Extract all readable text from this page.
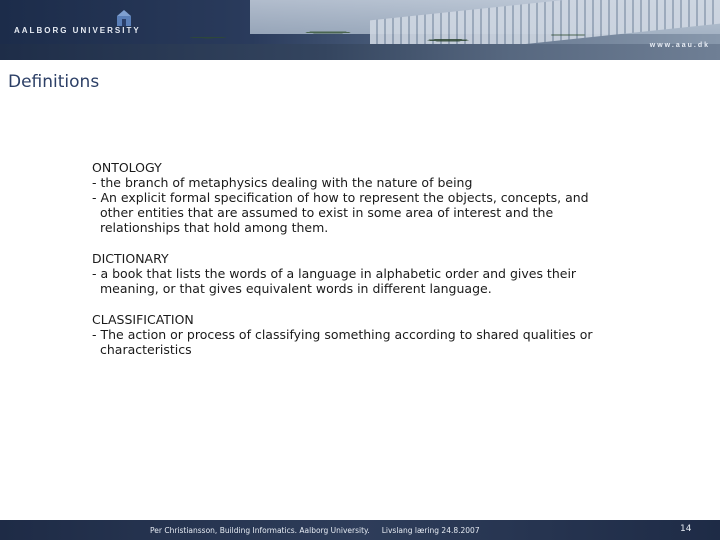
AALBORG UNIVERSITY
www.aau.dk
Definitions
ONTOLOGY
- the branch of metaphysics dealing with the nature of being
- An explicit formal specification of how to represent the objects, concepts, and other entities that are assumed to exist in some area of interest and the relationships that hold among them.
DICTIONARY
- a book that lists the words of a language in alphabetic order and gives their meaning, or that gives equivalent words in different language.
CLASSIFICATION
- The action or process of classifying something according to shared qualities or characteristics
Per Christiansson, Building Informatics. Aalborg University. Livslang læring 24.8.2007	14
